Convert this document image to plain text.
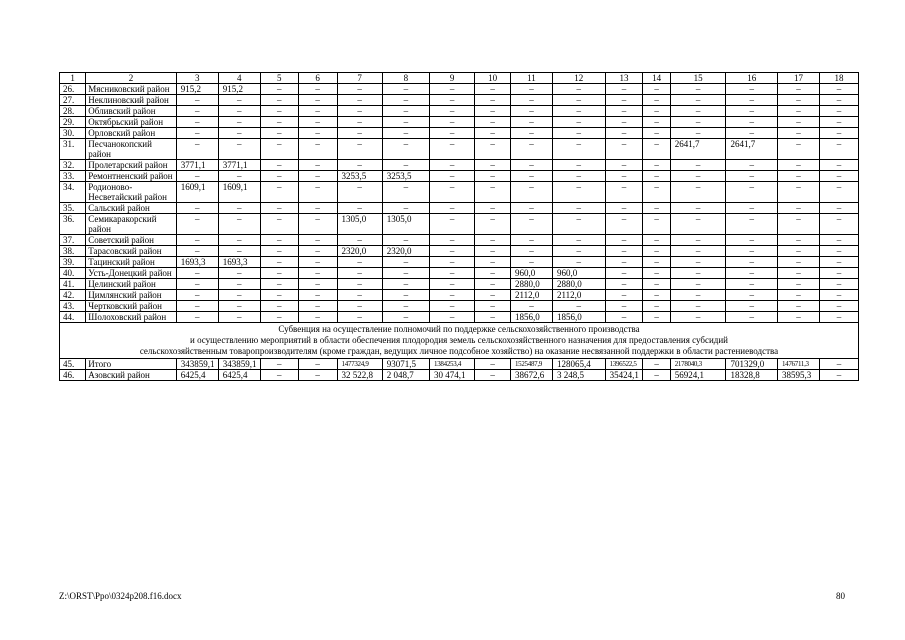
1	2	3	4	5	6	7	8	9	10	11	12	13	14	15	16	17	18
26.	Мясниковский район	915,2	915,2	–	–	–	–	–	–	–	–	–	–	–	–	–	–
27.	Неклиновский район	–	–	–	–	–	–	–	–	–	–	–	–	–	–	–	–
28.	Обливский район	–	–	–	–	–	–	–	–	–	–	–	–	–	–	–	–
29.	Октябрьский район	–	–	–	–	–	–	–	–	–	–	–	–	–	–	–	–
30.	Орловский район	–	–	–	–	–	–	–	–	–	–	–	–	–	–	–	–
31.	Песчанокопский район	–	–	–	–	–	–	–	–	–	–	–	–	2641,7	2641,7	–	–
32.	Пролетарский район	3771,1	3771,1	–	–	–	–	–	–	–	–	–	–	–	–	–	–
33.	Ремонтненский район	–	–	–	–	3253,5	3253,5	–	–	–	–	–	–	–	–	–	–
34.	Родионово-Несветайский район	1609,1	1609,1	–	–	–	–	–	–	–	–	–	–	–	–	–	–
35.	Сальский район	–	–	–	–	–	–	–	–	–	–	–	–	–	–	–	–
36.	Семикаракорский район	–	–	–	–	1305,0	1305,0	–	–	–	–	–	–	–	–	–	–
37.	Советский район	–	–	–	–	–	–	–	–	–	–	–	–	–	–	–	–
38.	Тарасовский район	–	–	–	–	2320,0	2320,0	–	–	–	–	–	–	–	–	–	–
39.	Тацинский район	1693,3	1693,3	–	–	–	–	–	–	–	–	–	–	–	–	–	–
40.	Усть-Донецкий район	–	–	–	–	–	–	–	–	960,0	960,0	–	–	–	–	–	–
41.	Целинский район	–	–	–	–	–	–	–	–	2880,0	2880,0	–	–	–	–	–	–
42.	Цимлянский район	–	–	–	–	–	–	–	–	2112,0	2112,0	–	–	–	–	–	–
43.	Чертковский район	–	–	–	–	–	–	–	–	–	–	–	–	–	–	–	–
44.	Шолоховский район	–	–	–	–	–	–	–	–	1856,0	1856,0	–	–	–	–	–	–

Субвенция на осуществление полномочий по поддержке сельскохозяйственного производства
и осуществлению мероприятий в области обеспечения плодородия земель сельскохозяйственного назначения для предоставления субсидий
сельскохозяйственным товаропроизводителям (кроме граждан, ведущих личное подсобное хозяйство) на оказание несвязанной поддержки в области растениеводства																	

45.	Итого	343859,1	343859,1	–	–	1477324,9	93071,5	1384253,4	–	1525487,9	128065,4	1396522,5	–	2178040,3	701329,0	1476711,3	–
46.	Азовский район	6425,4	6425,4	–	–	32 522,8	2 048,7	30 474,1	–	38672,6	3 248,5	35424,1	–	56924,1	18328,8	38595,3	–
Z:\ORST\Ppo\0324p208.f16.docx	80
